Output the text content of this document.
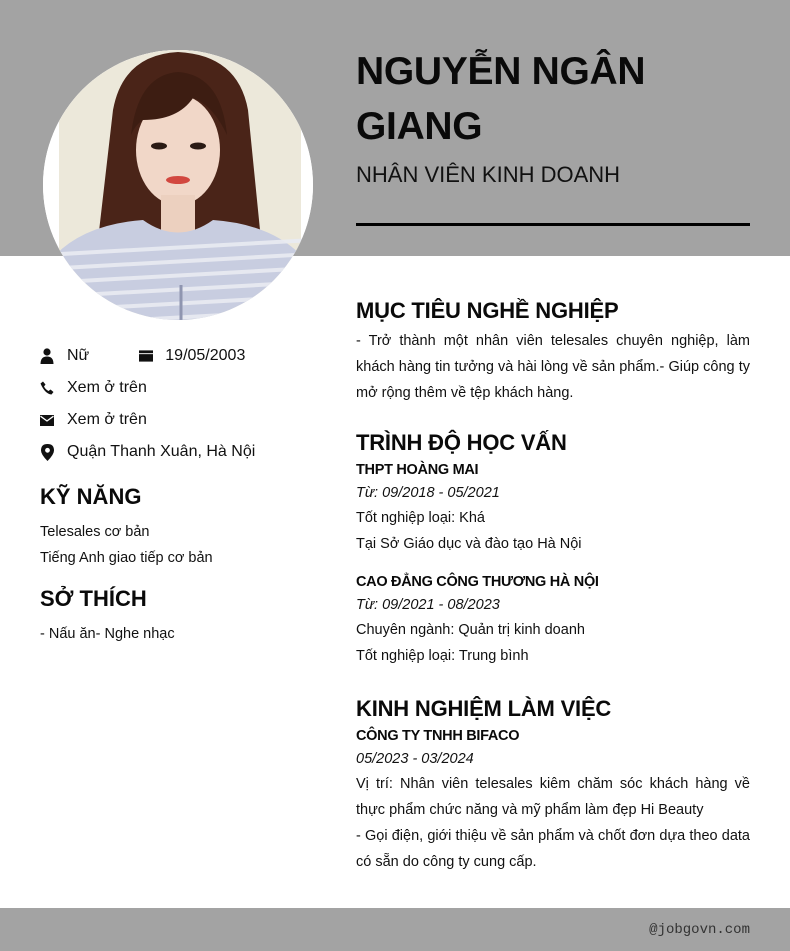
NGUYỄN NGÂN GIANG
NHÂN VIÊN KINH DOANH
Nữ	19/05/2003
Xem ở trên
Xem ở trên
Quận Thanh Xuân, Hà Nội
KỸ NĂNG
Telesales cơ bản
Tiếng Anh giao tiếp cơ bản
SỞ THÍCH
- Nấu ăn- Nghe nhạc
MỤC TIÊU NGHỀ NGHIỆP
- Trở thành một nhân viên telesales chuyên nghiệp, làm khách hàng tin tưởng và hài lòng về sản phẩm.- Giúp công ty mở rộng thêm về tệp khách hàng.
TRÌNH ĐỘ HỌC VẤN
THPT HOÀNG MAI
Từ: 09/2018 - 05/2021
Tốt nghiệp loại: Khá
Tại Sở Giáo dục và đào tạo Hà Nội
CAO ĐẲNG CÔNG THƯƠNG HÀ NỘI
Từ: 09/2021 - 08/2023
Chuyên ngành: Quản trị kinh doanh
Tốt nghiệp loại: Trung bình
KINH NGHIỆM LÀM VIỆC
CÔNG TY TNHH BIFACO
05/2023 - 03/2024
Vị trí: Nhân viên telesales kiêm chăm sóc khách hàng về thực phẩm chức năng và mỹ phẩm làm đẹp Hi Beauty
- Gọi điện, giới thiệu về sản phẩm và chốt đơn dựa theo data có sẵn do công ty cung cấp.
@jobgovn.com
